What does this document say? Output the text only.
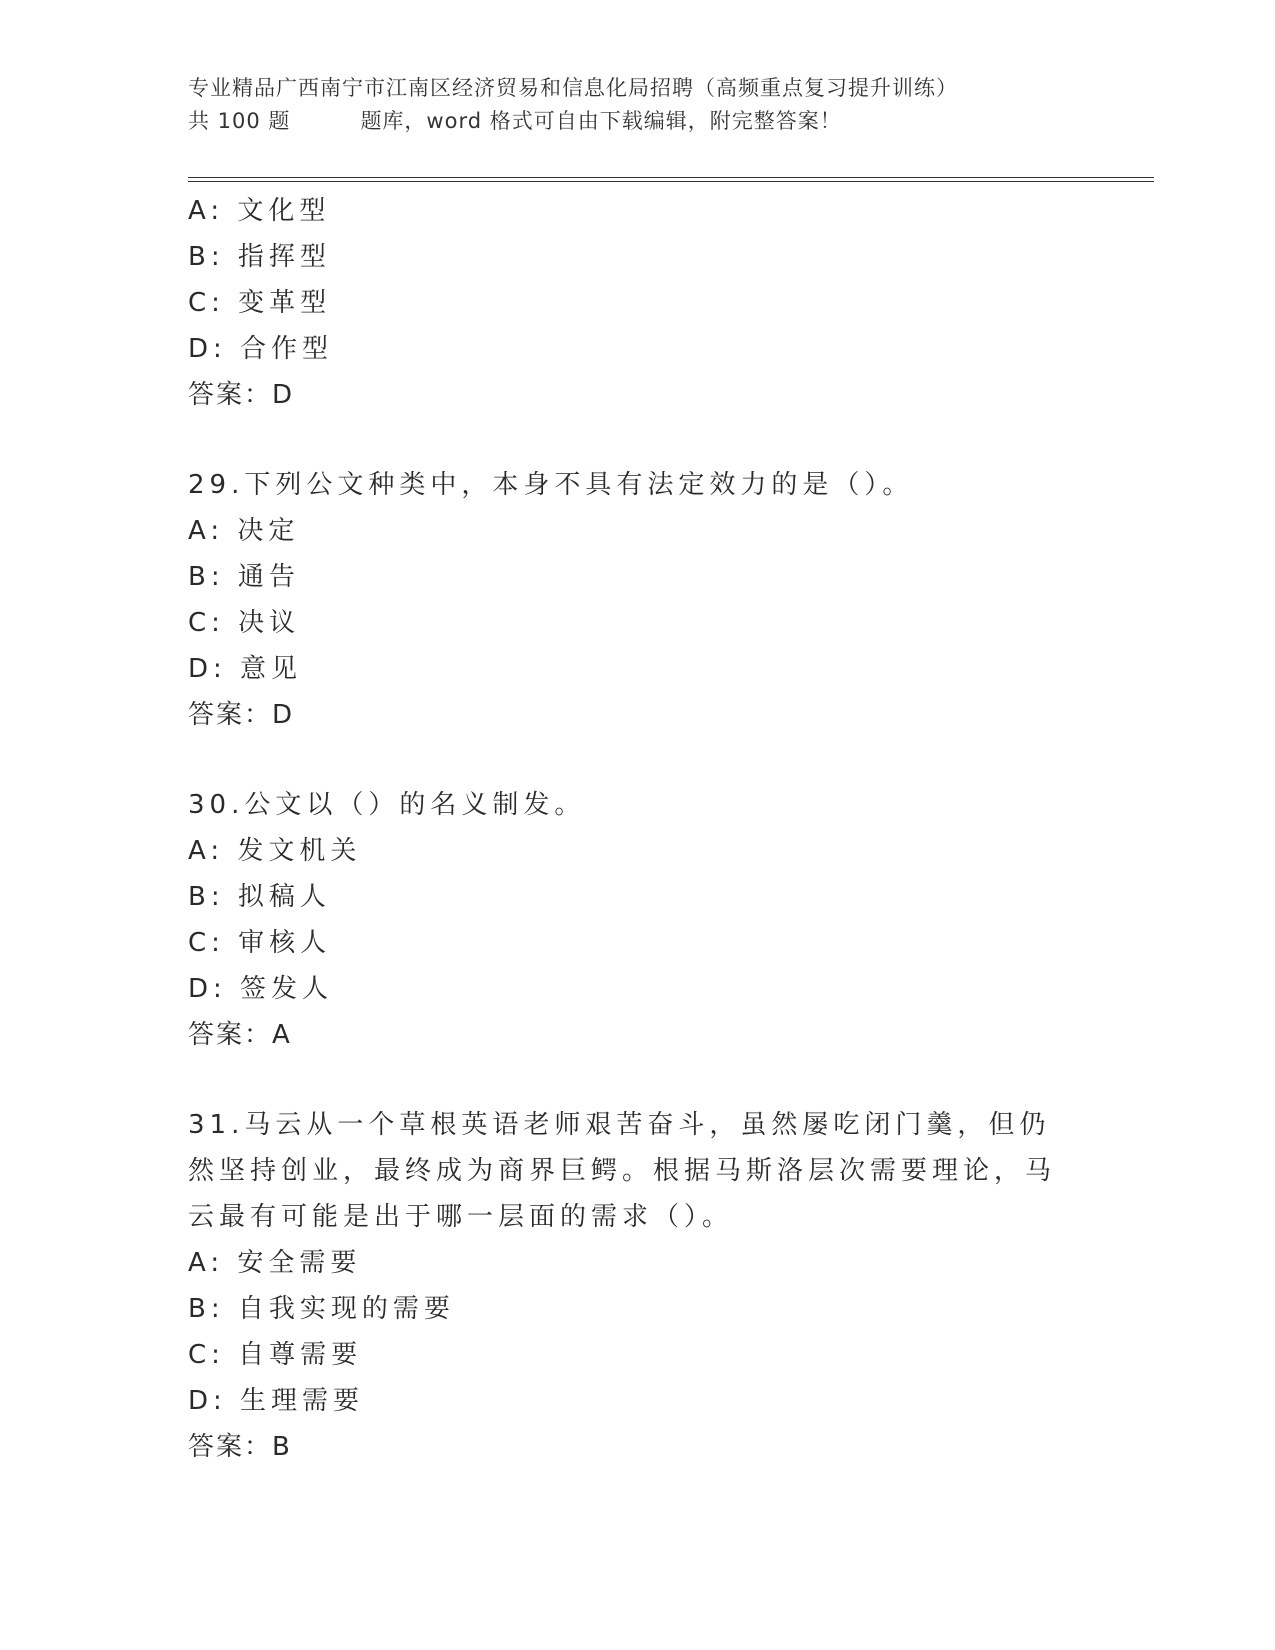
专业精品广西南宁市江南区经济贸易和信息化局招聘（高频重点复习提升训练）
共 100 题	题库，word 格式可自由下载编辑，附完整答案！
A: 文化型
B: 指挥型
C: 变革型
D: 合作型
答案：D
29.下列公文种类中，本身不具有法定效力的是（）。
A: 决定
B: 通告
C: 决议
D: 意见
答案：D
30.公文以（）的名义制发。
A: 发文机关
B: 拟稿人
C: 审核人
D: 签发人
答案：A
31.马云从一个草根英语老师艰苦奋斗，虽然屡吃闭门羹，但仍然坚持创业，最终成为商界巨鳄。根据马斯洛层次需要理论，马云最有可能是出于哪一层面的需求（）。
A: 安全需要
B: 自我实现的需要
C: 自尊需要
D: 生理需要
答案：B
